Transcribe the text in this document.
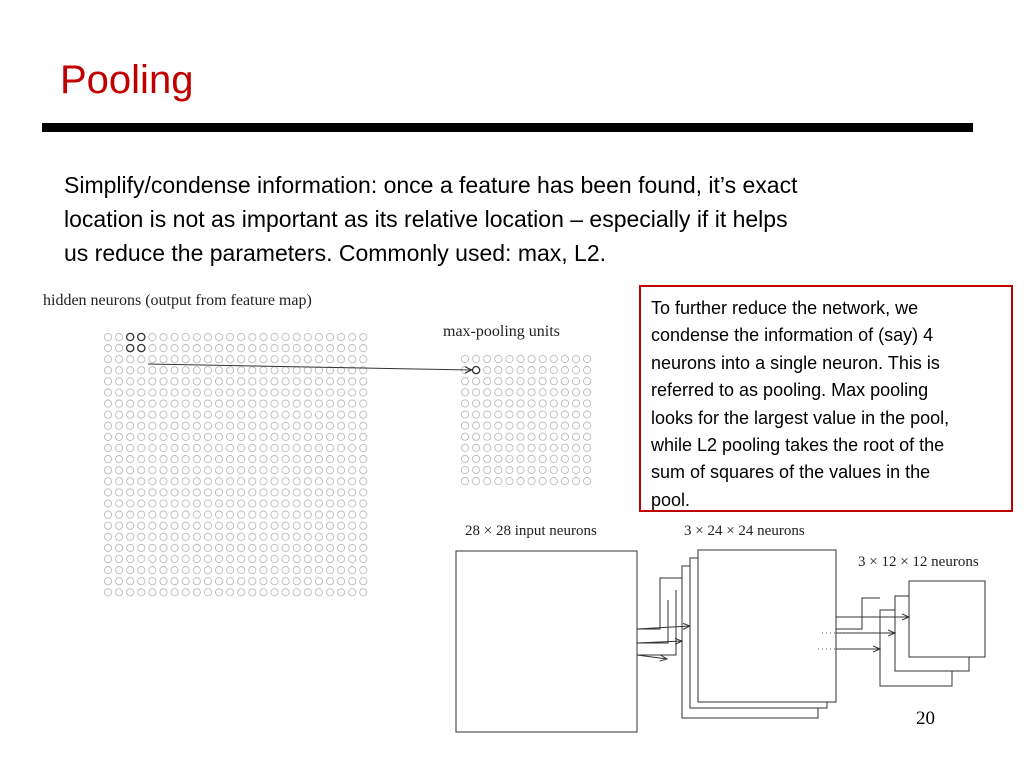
Pooling
Simplify/condense information: once a feature has been found, it’s exact
location is not as important as its relative location – especially if it helps
us reduce the parameters. Commonly used: max, L2.
hidden neurons (output from feature map)
max-pooling units
28 × 28 input neurons	3 × 24 × 24 neurons
3 × 12 × 12 neurons
To further reduce the network, we
condense the information of (say) 4
neurons into a single neuron. This is
referred to as pooling. Max pooling
looks for the largest value in the pool,
while L2 pooling takes the root of the
sum of squares of the values in the
pool.
20
